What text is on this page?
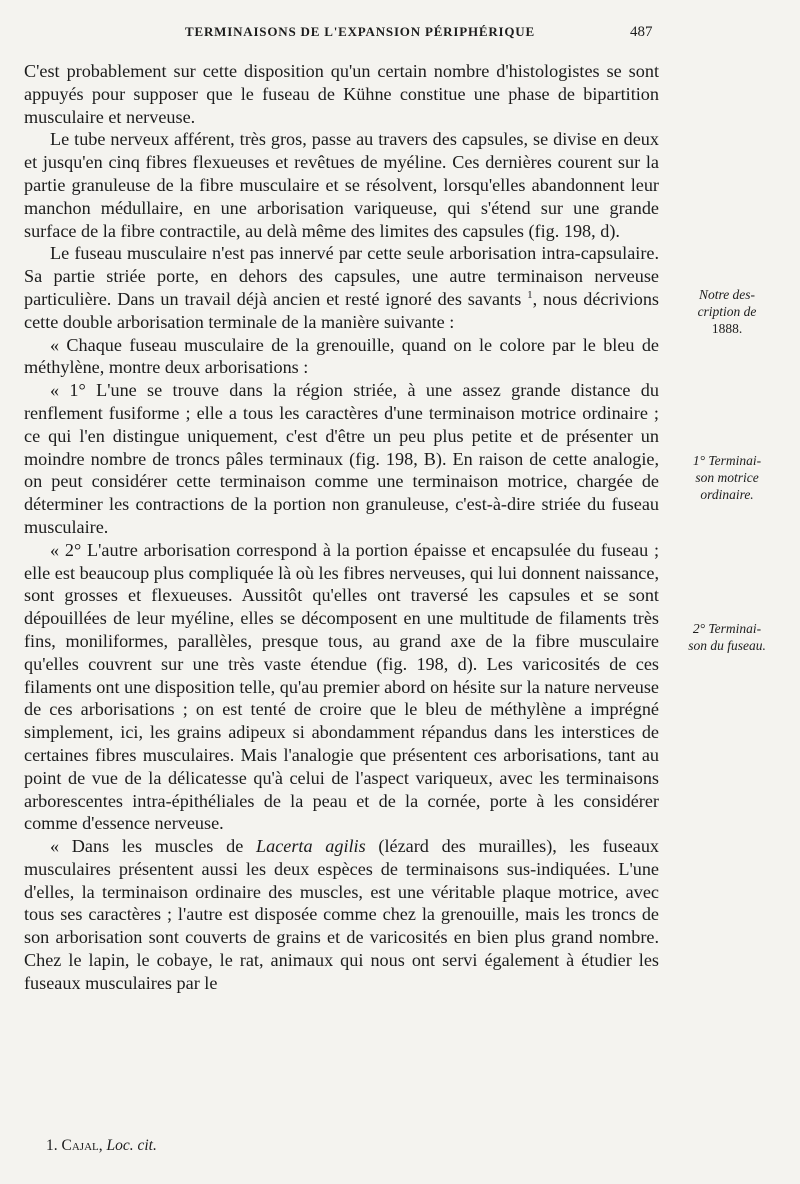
TERMINAISONS DE L'EXPANSION PÉRIPHÉRIQUE	487

C'est probablement sur cette disposition qu'un certain nombre d'histologistes se sont appuyés pour supposer que le fuseau de Kühne constitue une phase de bipartition musculaire et nerveuse.

Le tube nerveux afférent, très gros, passe au travers des capsules, se divise en deux et jusqu'en cinq fibres flexueuses et revêtues de myéline. Ces dernières courent sur la partie granuleuse de la fibre musculaire et se résolvent, lorsqu'elles abandonnent leur manchon médullaire, en une arborisation variqueuse, qui s'étend sur une grande surface de la fibre contractile, au delà même des limites des capsules (fig. 198, d).

Le fuseau musculaire n'est pas innervé par cette seule arborisation intra-capsulaire. Sa partie striée porte, en dehors des capsules, une autre terminaison nerveuse particulière. Dans un travail déjà ancien et resté ignoré des savants $^1$, nous décrivions cette double arborisation terminale de la manière suivante :

« Chaque fuseau musculaire de la grenouille, quand on le colore par le bleu de méthylène, montre deux arborisations :

« 1° L'une se trouve dans la région striée, à une assez grande distance du renflement fusiforme ; elle a tous les caractères d'une terminaison motrice ordinaire ; ce qui l'en distingue uniquement, c'est d'être un peu plus petite et de présenter un moindre nombre de troncs pâles terminaux (fig. 198, B). En raison de cette analogie, on peut considérer cette terminaison comme une terminaison motrice, chargée de déterminer les contractions de la portion non granuleuse, c'est-à-dire striée du fuseau musculaire.

« 2° L'autre arborisation correspond à la portion épaisse et encapsulée du fuseau ; elle est beaucoup plus compliquée là où les fibres nerveuses, qui lui donnent naissance, sont grosses et flexueuses. Aussitôt qu'elles ont traversé les capsules et se sont dépouillées de leur myéline, elles se décomposent en une multitude de filaments très fins, moniliformes, parallèles, presque tous, au grand axe de la fibre musculaire qu'elles couvrent sur une très vaste étendue (fig. 198, d). Les varicosités de ces filaments ont une disposition telle, qu'au premier abord on hésite sur la nature nerveuse de ces arborisations ; on est tenté de croire que le bleu de méthylène a imprégné simplement, ici, les grains adipeux si abondamment répandus dans les interstices de certaines fibres musculaires. Mais l'analogie que présentent ces arborisations, tant au point de vue de la délicatesse qu'à celui de l'aspect variqueux, avec les terminaisons arborescentes intra-épithéliales de la peau et de la cornée, porte à les considérer comme d'essence nerveuse.

« Dans les muscles de Lacerta agilis (lézard des murailles), les fuseaux musculaires présentent aussi les deux espèces de terminaisons sus-indiquées. L'une d'elles, la terminaison ordinaire des muscles, est une véritable plaque motrice, avec tous ses caractères ; l'autre est disposée comme chez la grenouille, mais les troncs de son arborisation sont couverts de grains et de varicosités en bien plus grand nombre. Chez le lapin, le cobaye, le rat, animaux qui nous ont servi également à étudier les fuseaux musculaires par le

Notre des-
cription de
1888.
1° Terminai-
son motrice
ordinaire.
2° Terminai-
son du fuseau.
1. Cajal, Loc. cit.
